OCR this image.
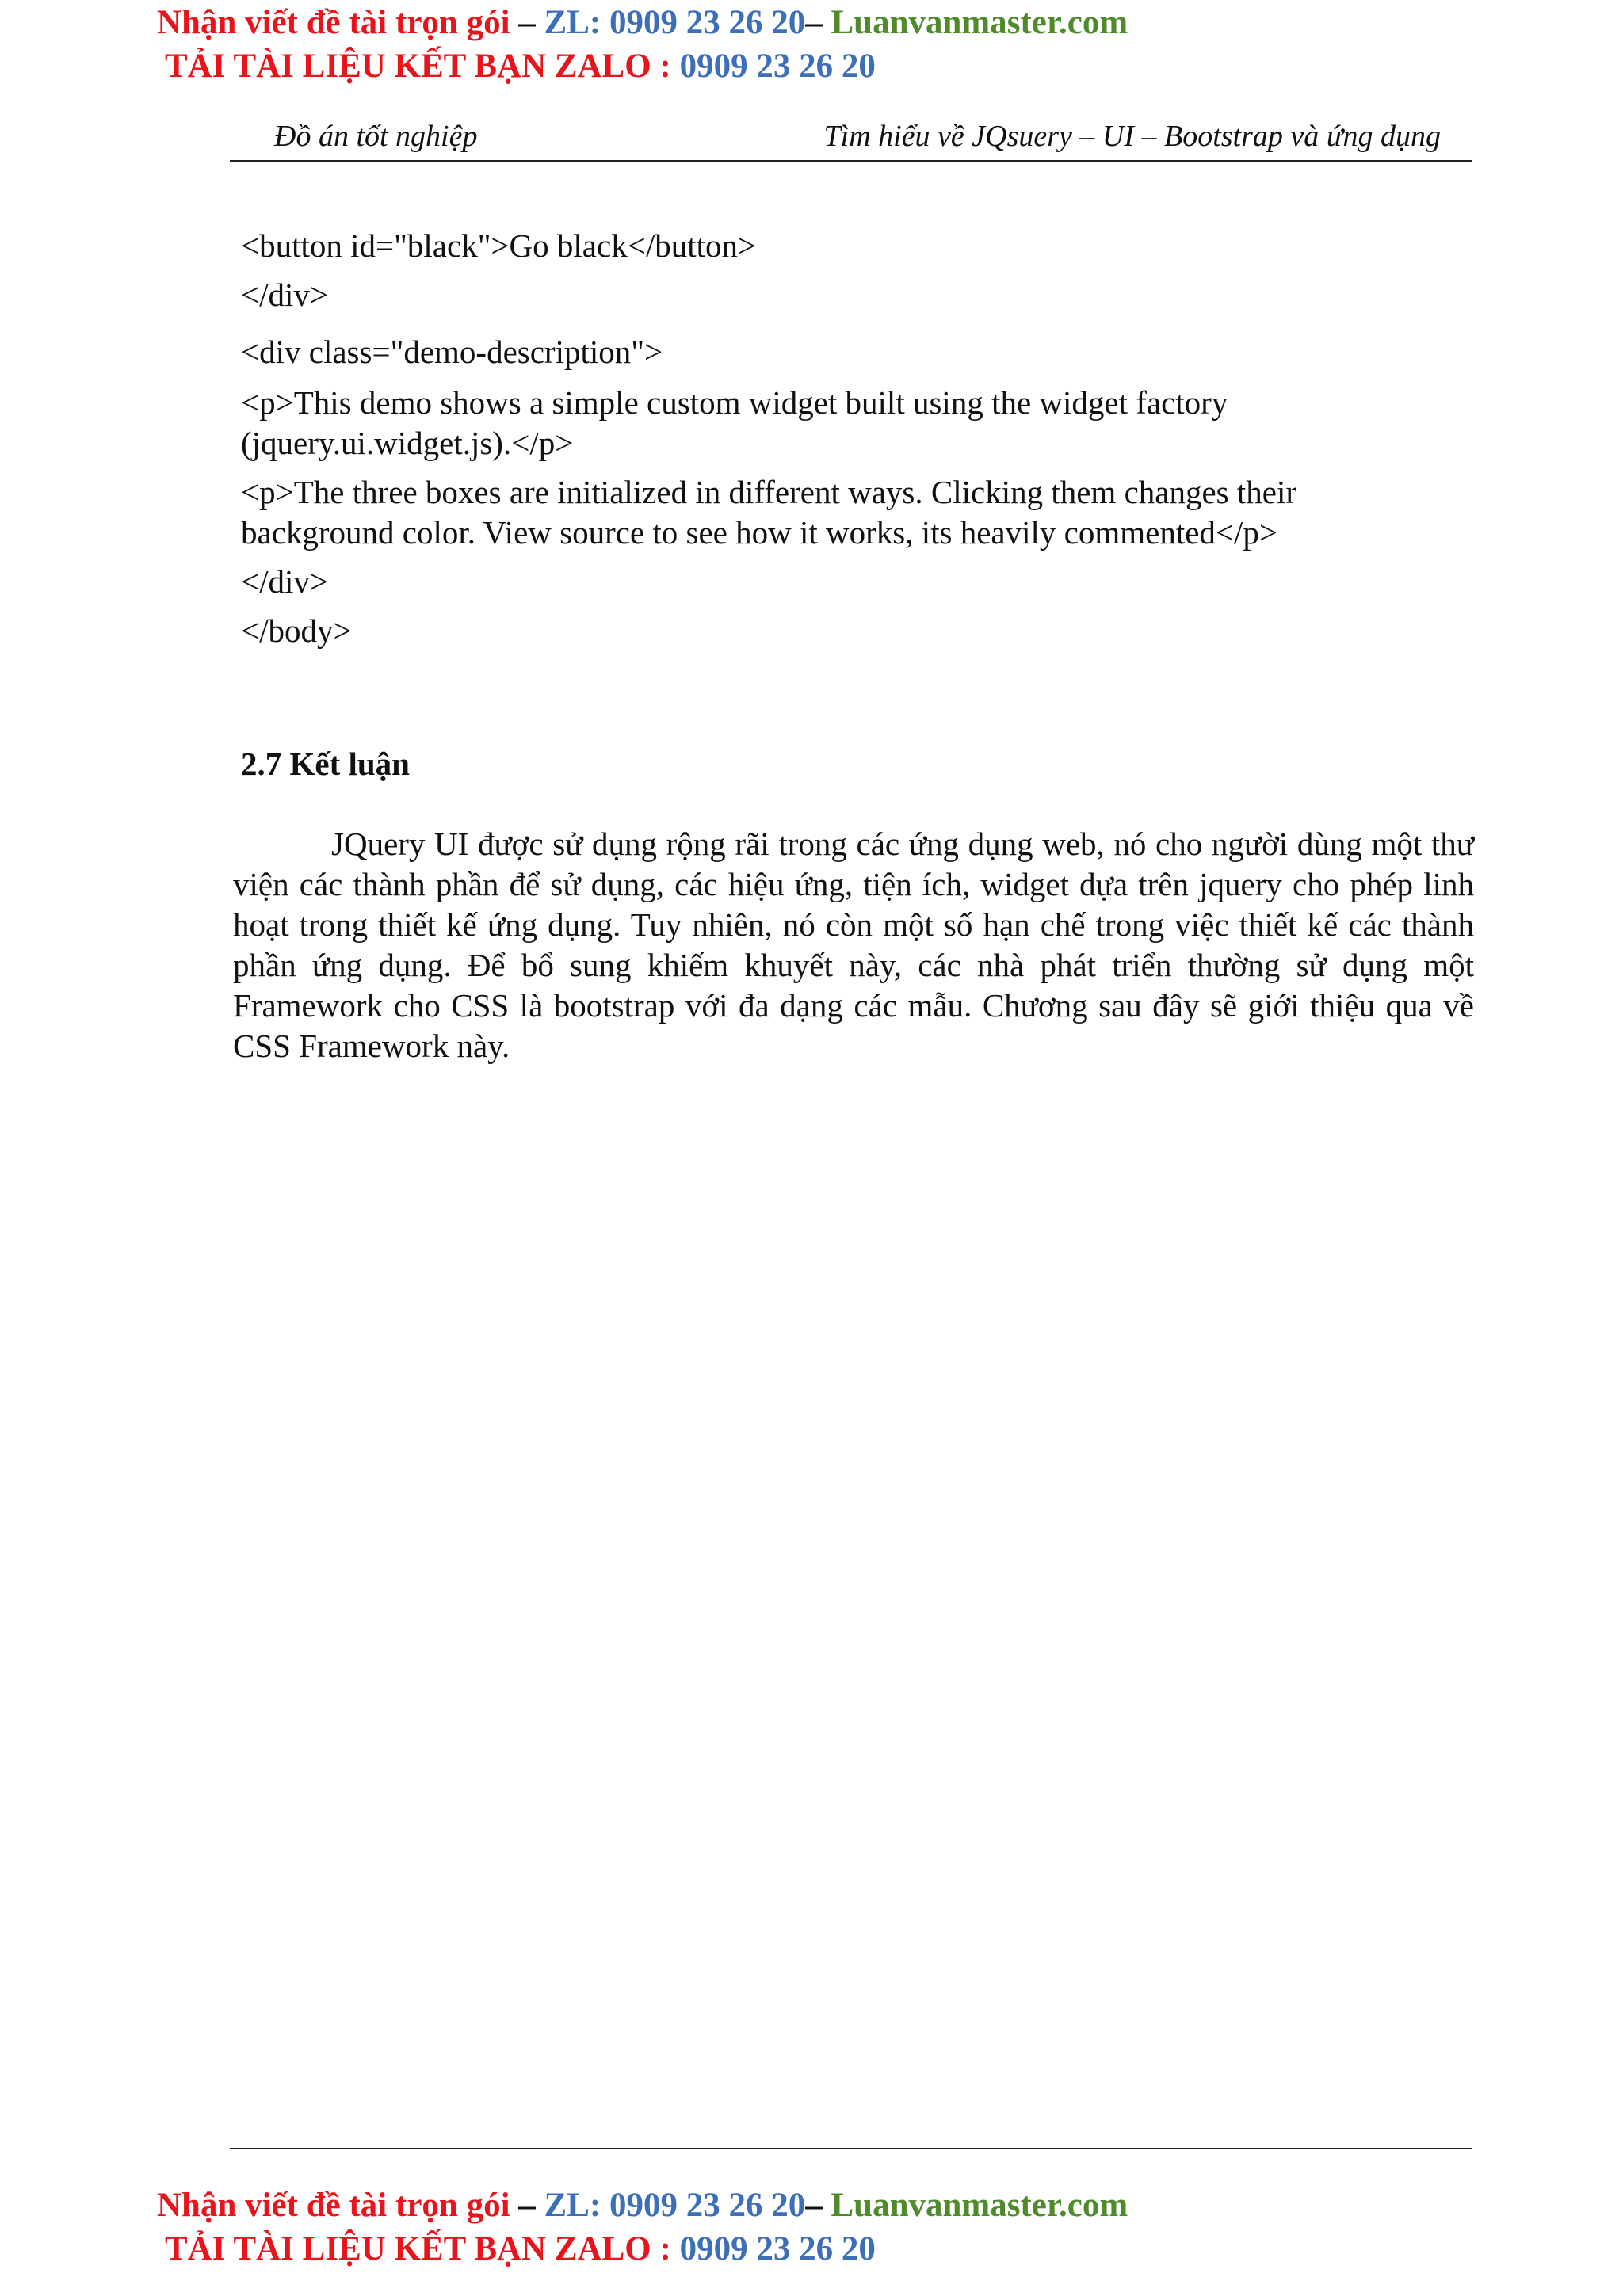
Nhận viết đề tài trọn gói – ZL: 0909 23 26 20– Luanvanmaster.com
TẢI TÀI LIỆU KẾT BẠN ZALO : 0909 23 26 20
Đồ án tốt nghiệp	Tìm hiểu về JQsuery – UI – Bootstrap và ứng dụng
<button id="black">Go black</button>
</div>
<div class="demo-description">
<p>This demo shows a simple custom widget built using the widget factory
(jquery.ui.widget.js).</p>
<p>The three boxes are initialized in different ways. Clicking them changes their
background color. View source to see how it works, its heavily commented</p>
</div>
</body>
2.7 Kết luận
JQuery UI được sử dụng rộng rãi trong các ứng dụng web, nó cho người dùng một thư viện các thành phần để sử dụng, các hiệu ứng, tiện ích, widget dựa trên jquery cho phép linh hoạt trong thiết kế ứng dụng. Tuy nhiên, nó còn một số hạn chế trong việc thiết kế các thành phần ứng dụng. Để bổ sung khiếm khuyết này, các nhà phát triển thường sử dụng một Framework cho CSS là bootstrap với đa dạng các mẫu. Chương sau đây sẽ giới thiệu qua về CSS Framework này.
Nhận viết đề tài trọn gói – ZL: 0909 23 26 20– Luanvanmaster.com
TẢI TÀI LIỆU KẾT BẠN ZALO : 0909 23 26 20
